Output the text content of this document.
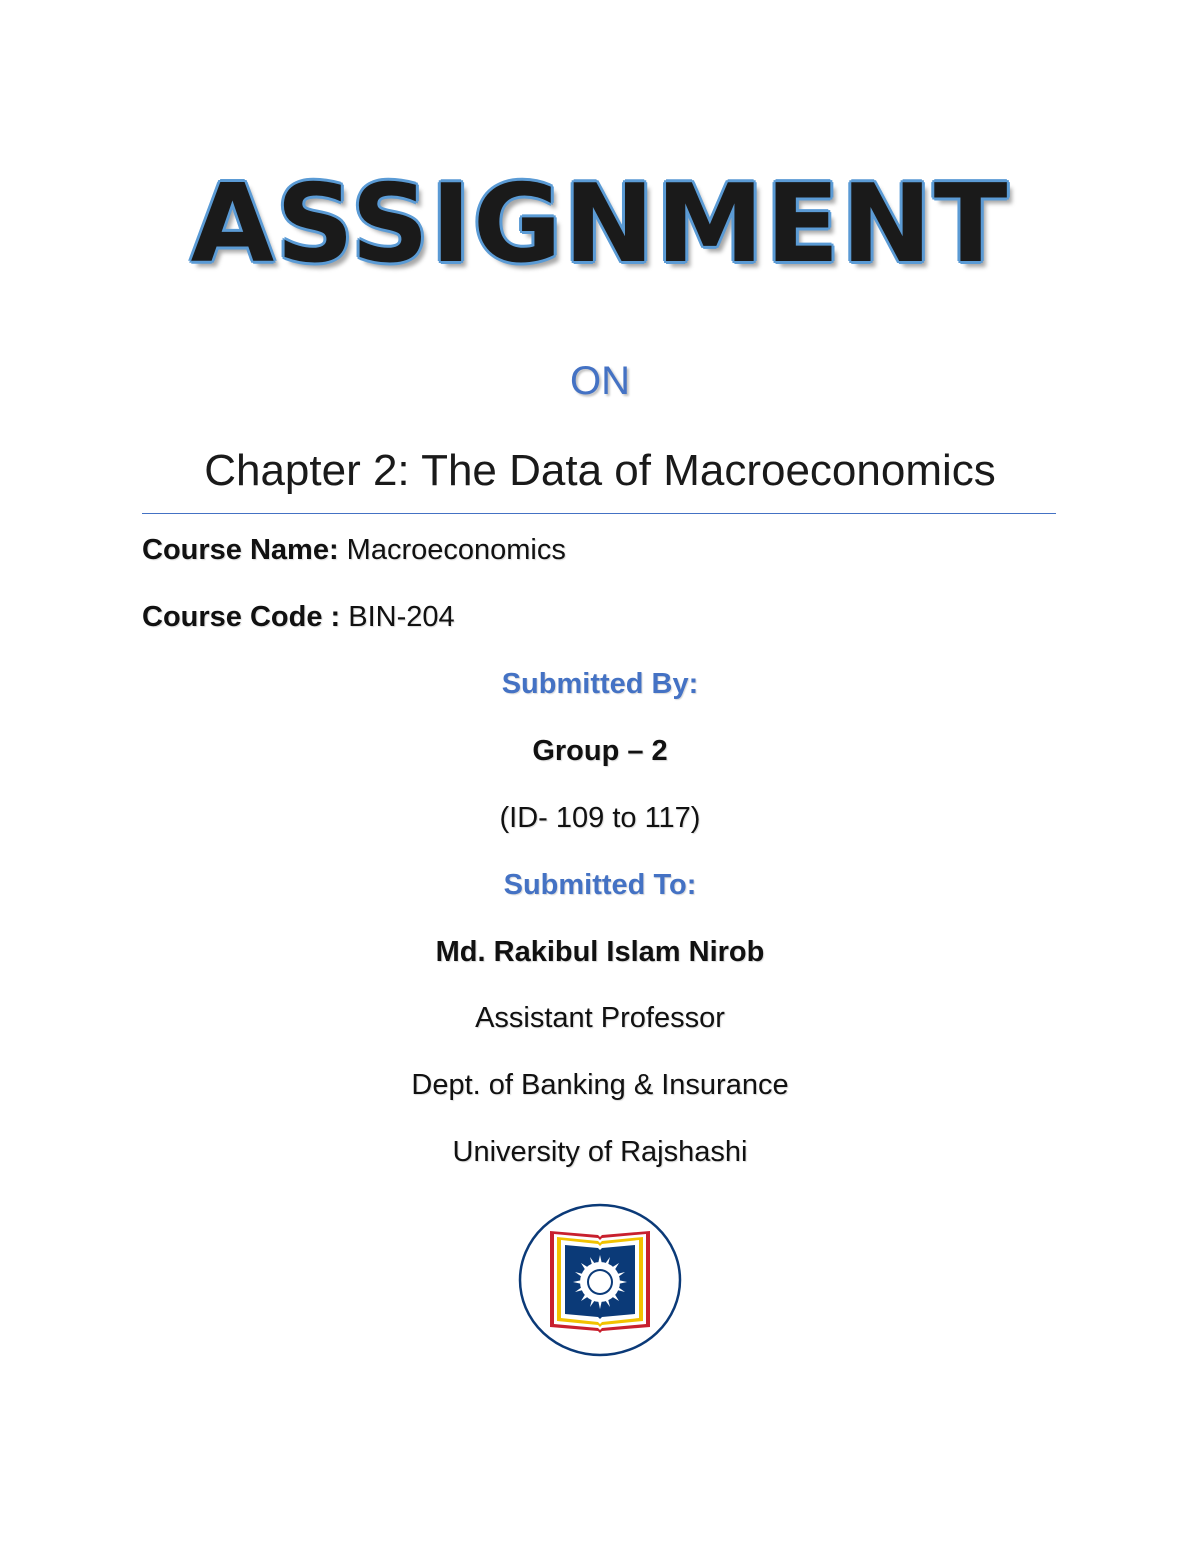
ASSIGNMENT
ON
Chapter 2: The Data of Macroeconomics
Course Name: Macroeconomics
Course Code : BIN-204
Submitted By:
Group – 2
(ID- 109 to 117)
Submitted To:
Md. Rakibul Islam Nirob
Assistant Professor
Dept. of Banking & Insurance
University of Rajshashi
